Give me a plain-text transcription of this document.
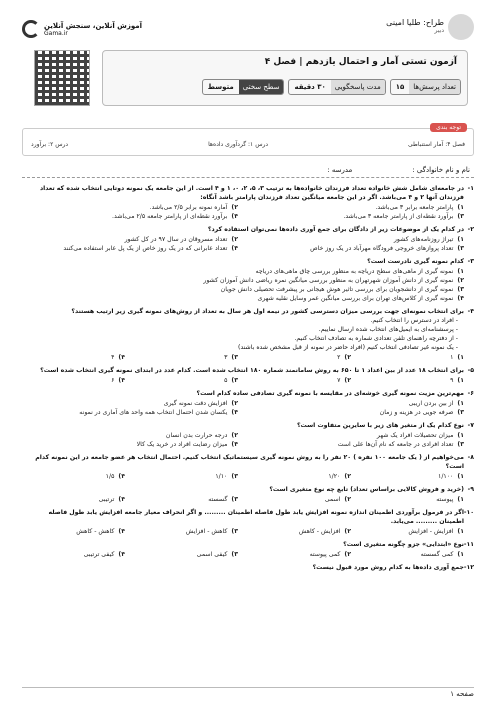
آموزش آنلاین، سنجش آنلاین
Gama.ir
طراح: طلیا امینی
دبیر
آزمون تستی آمار و احتمال یازدهم | فصل ۴
تعداد پرسش‌ها
۱۵
مدت پاسخگویی
۳۰ دقیقه
سطح سختی
متوسط
توجه بندی
فصل ۴: آمار استنباطی
درس ۱: گردآوری داده‌ها
درس ۲: برآورد
نام و نام خانوادگی :
مدرسه :
۱-
در جامعه‌ای شامل شش خانواده تعداد فرزندان خانواده‌ها به ترتیب ۳، ۵، ۲، ۰، ۱ و ۴ است. از این جامعه یک نمونه دوتایی انتخاب شده که تعداد فرزندان آنها ۲ و ۴ می‌باشد. اگر در این جامعه میانگین تعداد فرزندان پارامتر باشد آنگاه:
۱)
پارامتر جامعه برابر ۳ می‌باشد.
۲)
آماره نمونه برابر ۲/۵ می‌باشد.
۳)
برآورد نقطه‌ای از پارامتر جامعه ۳ می‌باشد.
۴)
برآورد نقطه‌ای از پارامتر جامعه ۲/۵ می‌باشد.
۲-
در کدام یک از موضوعات زیر از دادگان برای جمع آوری داده‌ها نمی‌توان استفاده کرد؟
۱)
تیراژ روزنامه‌های کشور
۲)
تعداد مسروقان در سال ۹۷ در کل کشور
۳)
تعداد پروازهای خروجی فرودگاه مهرآباد در یک روز خاص
۴)
تعداد عابرانی که در یک روز خاص از یک پل عابر استفاده می‌کنند
۳-
کدام نمونه گیری نادرست است؟
۱)
نمونه گیری از ماهی‌های سطح دریاچه به منظور بررسی چاق ماهی‌های دریاچه
۲)
نمونه گیری از دانش آموزان شهرتهران به منظور بررسی میانگین نمره ریاضی دانش آموزان کشور
۳)
نمونه گیری از دانشجویان برای بررسی تاثیر هوش هیجانی بر پیشرفت تحصیلی دانش جویان
۴)
نمونه گیری از کلاس‌های تهران برای بررسی میانگین عمر وسایل نقلیه شهری
۴-
برای انتخاب نمونه‌ای جهت بررسی میزان دسترسی کشور در نیمه اول هر سال به تعداد از روش‌های نمونه گیری زیر ارتیب هستند؟
- افراد در دسترس را انتخاب کنیم.
- پرسشنامه‌ای به ایمیل‌های انتخاب شده ارسال نماییم.
- از دفترچه راهنمای تلفن تعدادی شماره به تصادف انتخاب کنیم.
- یک نمونه غیر تصادفی انتخاب کنیم (افراد حاضر در نمونه از قبل مشخص شده باشند)
۱)
۱
۲)
۲
۳)
۳
۴)
۴
۵-
برای انتخاب ۱۸ عدد از بین اعداد ۱ تا ۶۵۰ به روش سامانمند شماره ۱۸۰ انتخاب شده است. کدام عدد در ابتدای نمونه گیری انتخاب شده است؟
۱)
۹
۲)
۷
۳)
۵
۴)
۶
۶-
مهم‌ترین مزیت نمونه گیری خوشه‌ای در مقایسه با نمونه گیری تصادفی ساده کدام است؟
۱)
از بین بردن اریبی
۲)
افزایش دقت نمونه گیری
۳)
صرفه جویی در هزینه و زمان
۴)
یکسان شدن احتمال انتخاب همه واحد های آماری در نمونه
۷-
نوع کدام یک از متغیر های زیر با سایرین متفاوت است؟
۱)
میزان تحصیلات افراد یک شهر
۲)
درجه حرارت بدن انسان
۳)
تعداد افرادی در جامعه که نام آن‌ها علی است
۴)
میزان رضایت افراد در خرید یک کالا
۸-
می‌خواهیم از ( یک جامعه ۱۰۰ نفره ) ۲۰ نفر را به روش نمونه گیری سیستماتیک انتخاب کنیم. احتمال انتخاب هر عضو جامعه در این نمونه کدام است؟
۱)
۱/۱۰۰
۲)
۱/۲۰
۳)
۱/۱۰
۴)
۱/۵
۹-
(خرید و فروش کالایی براساس تعداد) تابع چه نوع متغیری است؟
۱)
پیوسته
۲)
اسمی
۳)
گسسته
۴)
ترتیبی
۱۰-
اگر در فرمول برآوردی اطمینان اندازه نمونه افزایش یابد طول فاصله اطمینان ......... و اگر انحراف معیار جامعه افزایش یابد طول فاصله اطمینان ......... می‌یابد.
۱)
افزایش - افزایش
۲)
افزایش - کاهش
۳)
کاهش - افزایش
۴)
کاهش - کاهش
۱۱-
نوع «ابتدایی» جزو چگونه متغیری است؟
۱)
کمی گسسته
۲)
کمی پیوسته
۳)
کیفی اسمی
۴)
کیفی ترتیبی
۱۲-
جمع آوری داده‌ها به کدام روش مورد قبول نیست؟
صفحه ۱
